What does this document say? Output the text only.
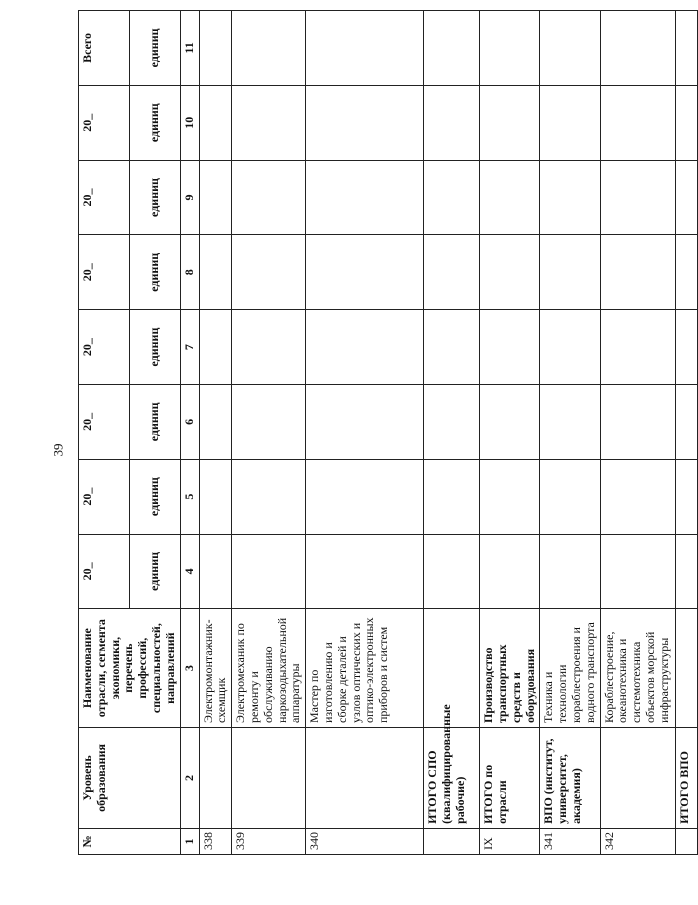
39
№	Уровень образования	Наименование отрасли, сегмента экономики, перечень профессий, специальностей, направлений	20_	20_	20_	20_	20_	20_	20_	Всего
			единиц	единиц	единиц	единиц	единиц	единиц	единиц	единиц
1	2	3	4	5	6	7	8	9	10	11
338		Электромонтажник-схемщик								
339		Электромеханик по ремонту и обслуживанию наркозодыхательной аппаратуры								
340		Мастер по изготовлению и сборке деталей и узлов оптических и оптико-электронных приборов и систем								
	ИТОГО СПО (квалифицированные рабочие)									
IX	ИТОГО по отрасли	Производство транспортных средств и оборудования								
341	ВПО (институт, университет, академия)	Техника и технологии кораблестроения и водного транспорта								
342		Кораблестроение, океанотехника и системотехника объектов морской инфраструктуры								
	ИТОГО ВПО									
